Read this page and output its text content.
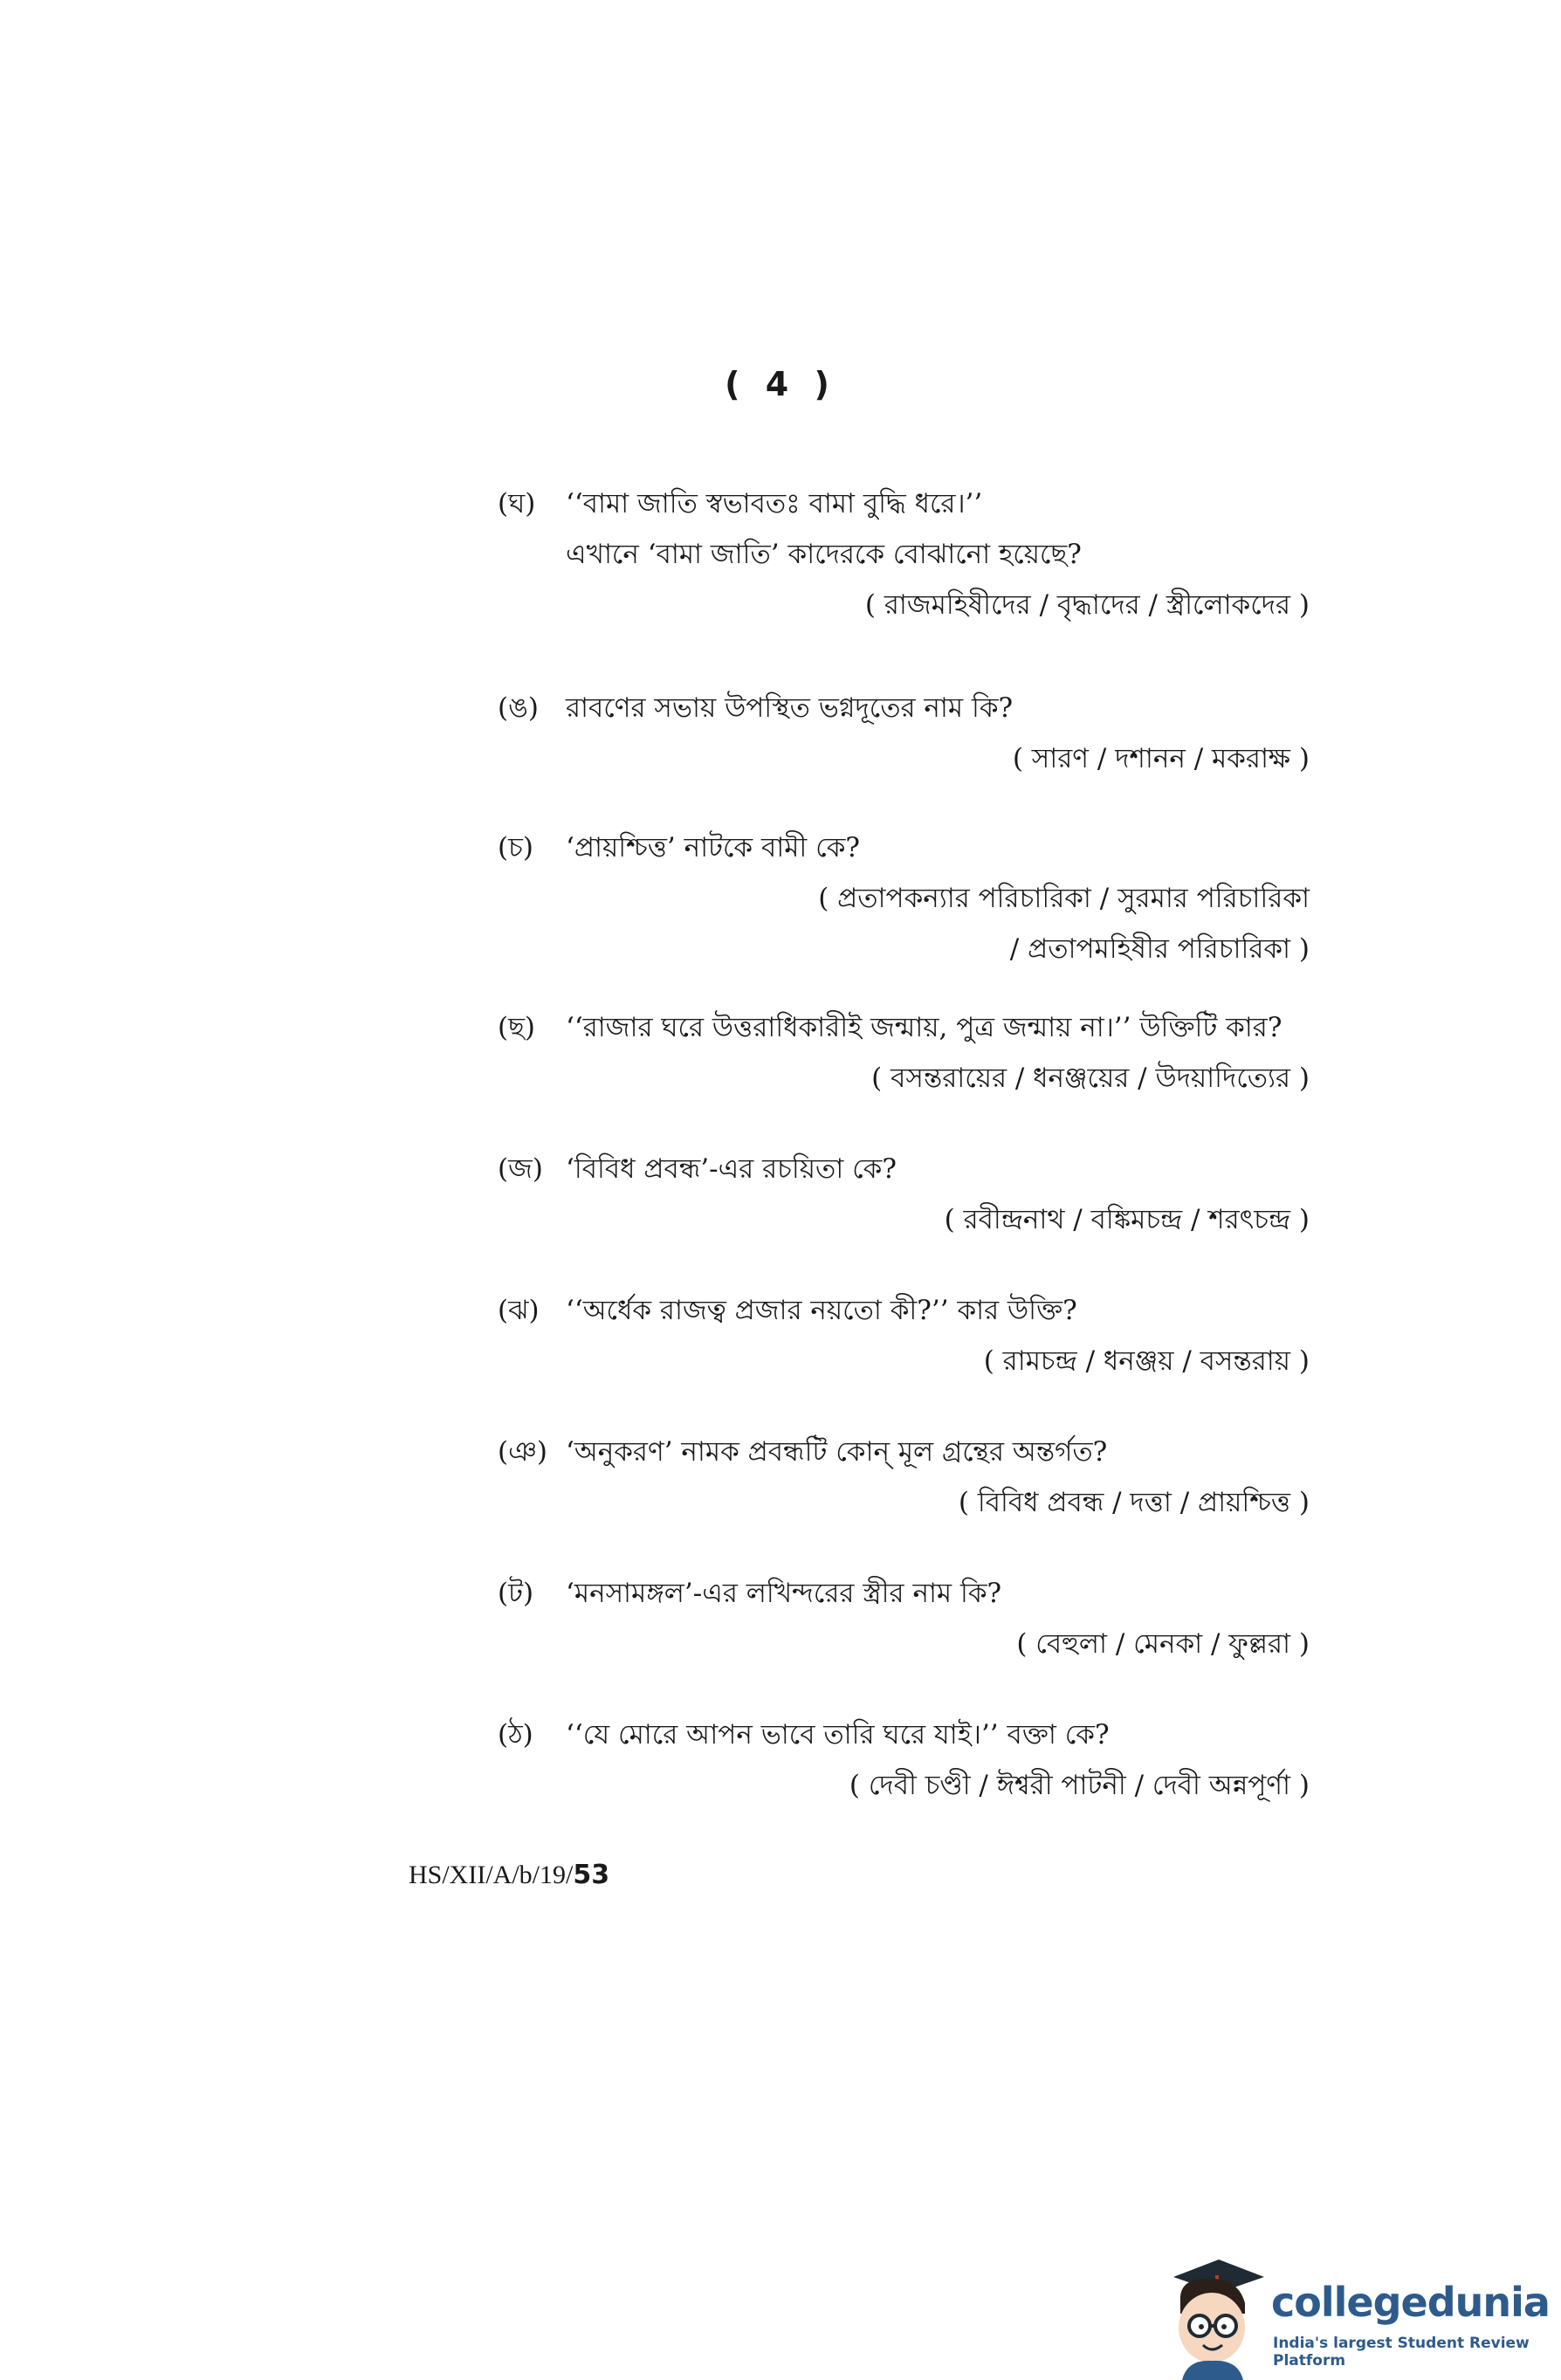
( 4 )
(ঘ)	‘‘বামা জাতি স্বভাবতঃ বামা বুদ্ধি ধরে।’’
এখানে ‘বামা জাতি’ কাদেরকে বোঝানো হয়েছে?
( রাজমহিষীদের / বৃদ্ধাদের / স্ত্রীলোকদের )
(ঙ)	রাবণের সভায় উপস্থিত ভগ্নদূতের নাম কি?
( সারণ / দশানন / মকরাক্ষ )
(চ)	‘প্রায়শ্চিত্ত’ নাটকে বামী কে?
( প্রতাপকন্যার পরিচারিকা / সুরমার পরিচারিকা
/ প্রতাপমহিষীর পরিচারিকা )
(ছ)	‘‘রাজার ঘরে উত্তরাধিকারীই জন্মায়, পুত্র জন্মায় না।’’ উক্তিটি কার?
( বসন্তরায়ের / ধনঞ্জয়ের / উদয়াদিত্যের )
(জ) ‘বিবিধ প্রবন্ধ’-এর রচয়িতা কে?
( রবীন্দ্রনাথ / বঙ্কিমচন্দ্র / শরৎচন্দ্র )
(ঝ) ‘‘অর্ধেক রাজত্ব প্রজার নয়তো কী?’’ কার উক্তি?
( রামচন্দ্র / ধনঞ্জয় / বসন্তরায় )
(ঞ) ‘অনুকরণ’ নামক প্রবন্ধটি কোন্ মূল গ্রন্থের অন্তর্গত?
( বিবিধ প্রবন্ধ / দত্তা / প্রায়শ্চিত্ত )
(ট)	‘মনসামঙ্গল’-এর লখিন্দরের স্ত্রীর নাম কি?
( বেহুলা / মেনকা / ফুল্লরা )
(ঠ)	‘‘যে মোরে আপন ভাবে তারি ঘরে যাই।’’ বক্তা কে?
( দেবী চণ্ডী / ঈশ্বরী পাটনী / দেবী অন্নপূর্ণা )
HS/XII/A/b/19/53
collegedunia
India's largest Student Review Platform
